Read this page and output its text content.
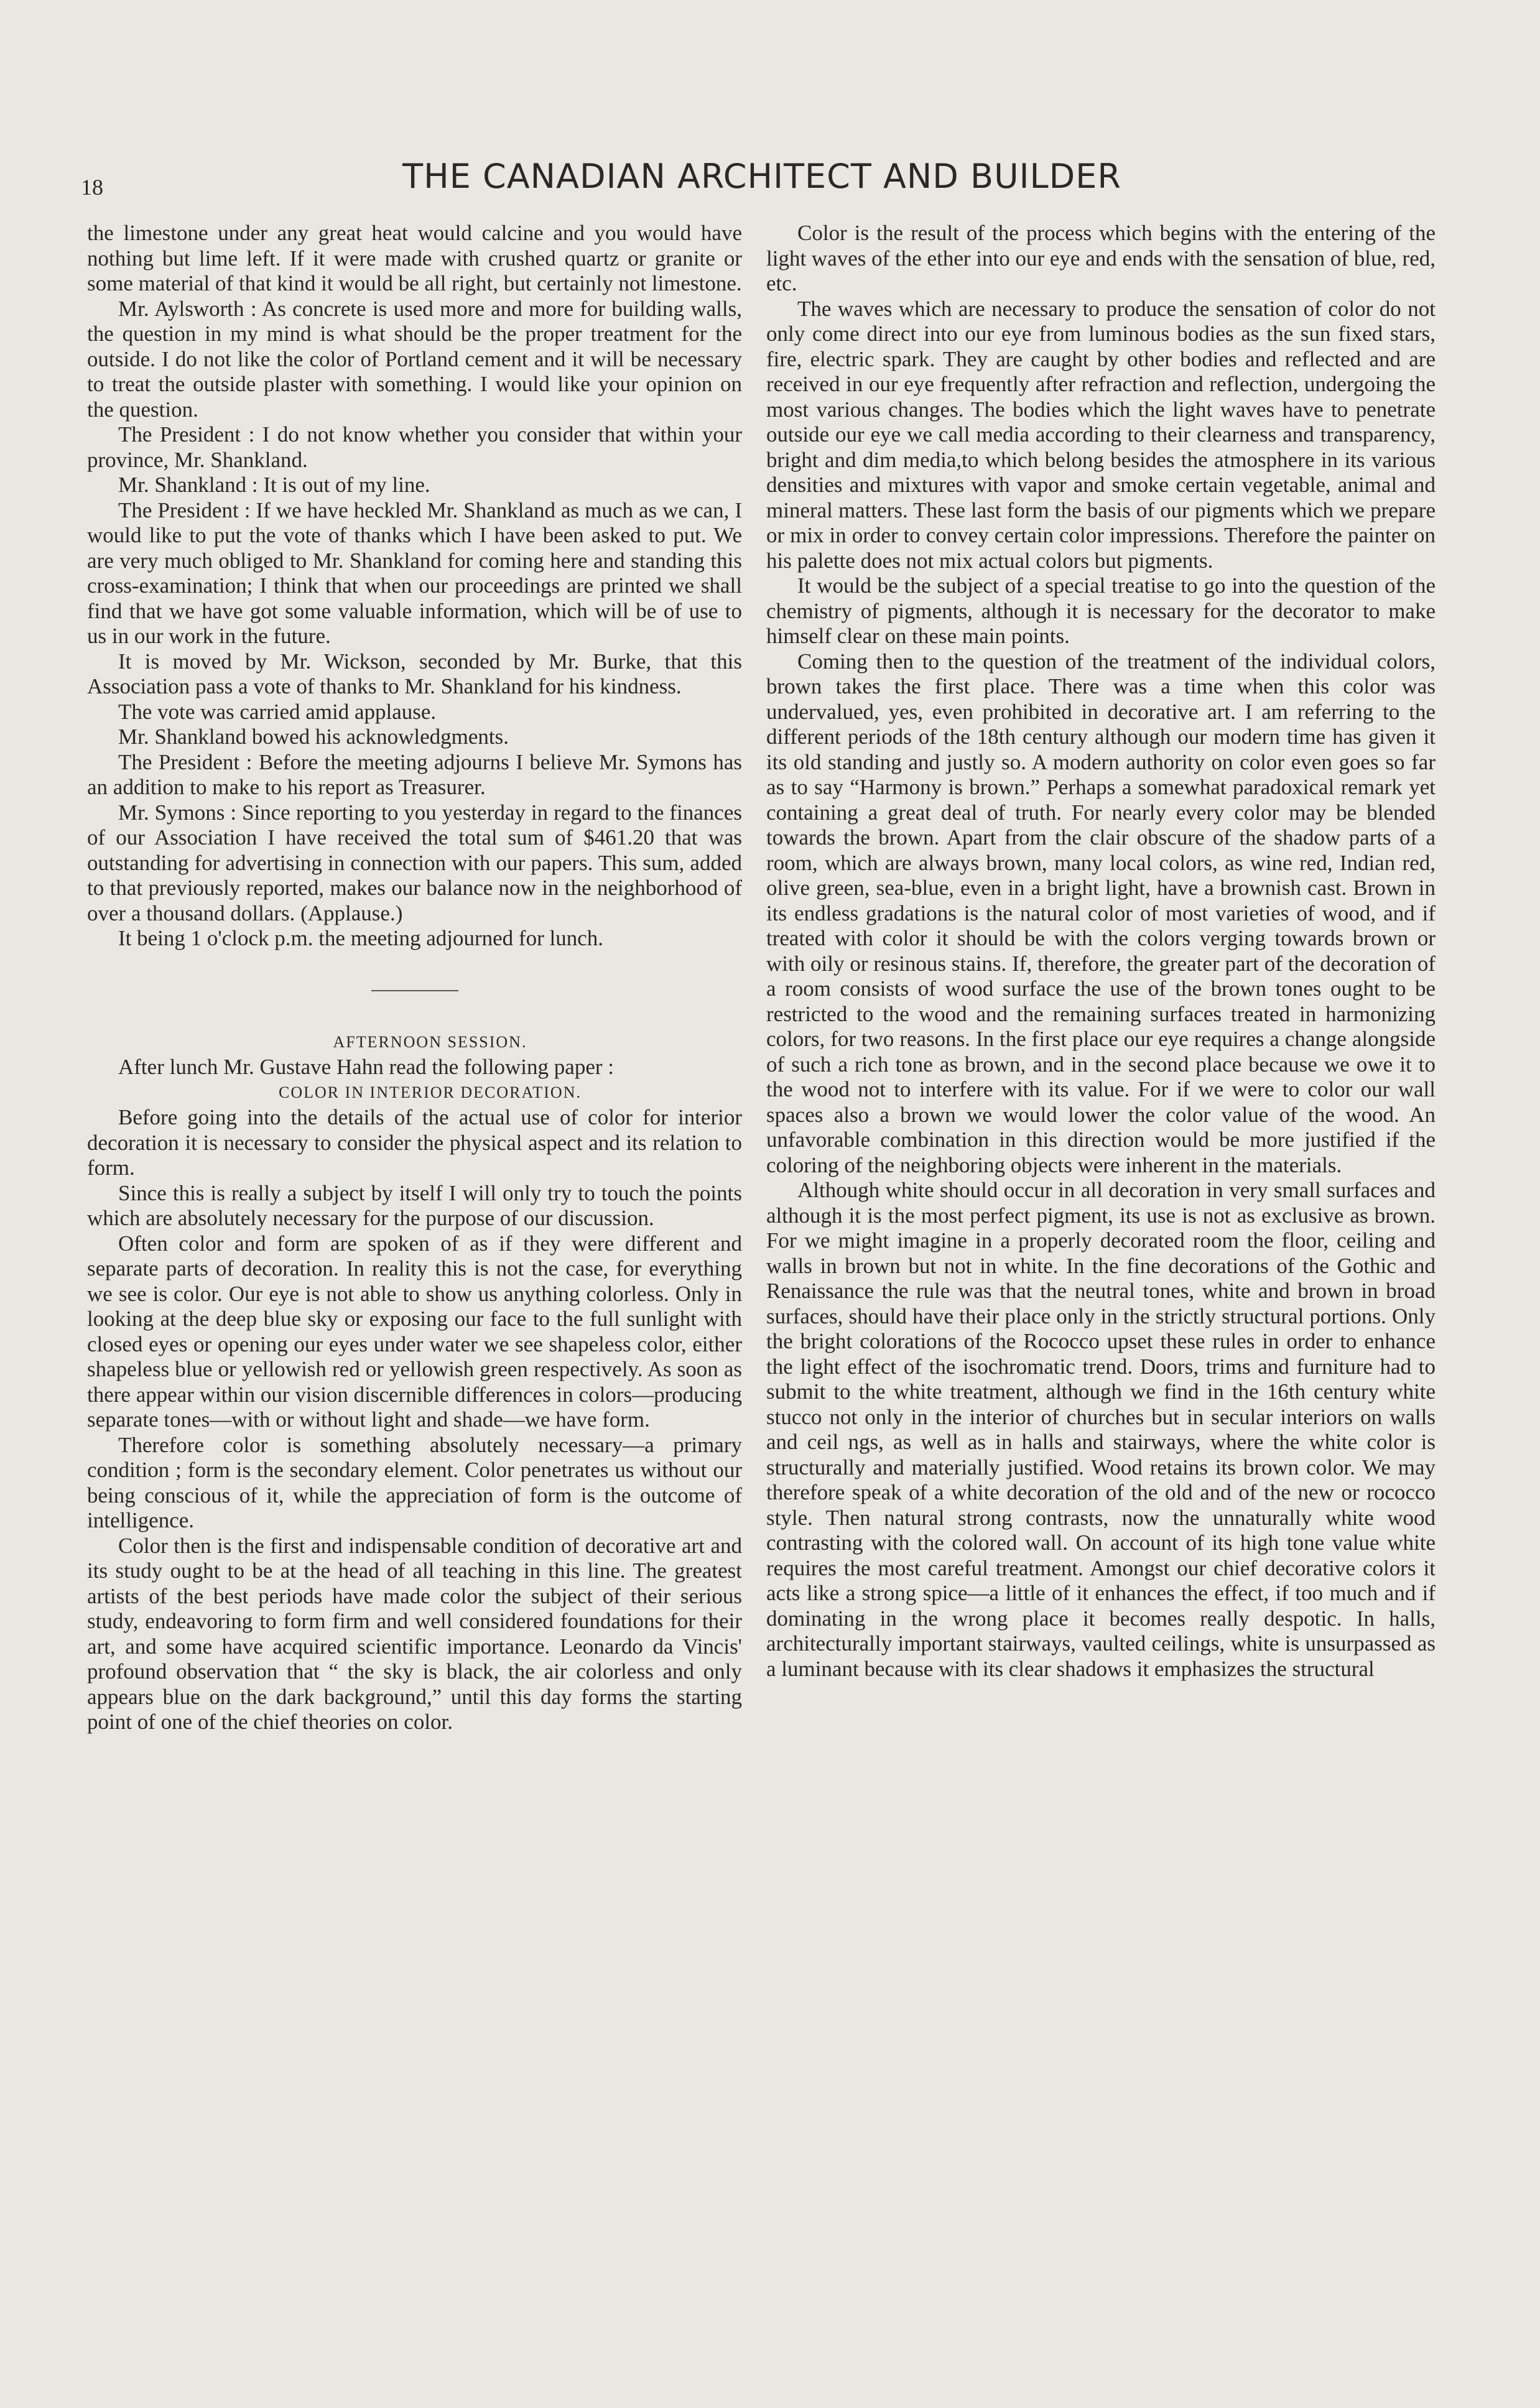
18	THE CANADIAN ARCHITECT AND BUILDER

the limestone under any great heat would calcine and you would have nothing but lime left. If it were made with crushed quartz or granite or some material of that kind it would be all right, but certainly not limestone.

Mr. Aylsworth : As concrete is used more and more for building walls, the question in my mind is what should be the proper treatment for the outside. I do not like the color of Portland cement and it will be necessary to treat the outside plaster with something. I would like your opinion on the question.

The President : I do not know whether you consider that within your province, Mr. Shankland.

Mr. Shankland : It is out of my line.

The President : If we have heckled Mr. Shankland as much as we can, I would like to put the vote of thanks which I have been asked to put. We are very much obliged to Mr. Shankland for coming here and standing this cross-examination; I think that when our proceedings are printed we shall find that we have got some valuable information, which will be of use to us in our work in the future.

It is moved by Mr. Wickson, seconded by Mr. Burke, that this Association pass a vote of thanks to Mr. Shankland for his kindness.

The vote was carried amid applause.

Mr. Shankland bowed his acknowledgments.

The President : Before the meeting adjourns I believe Mr. Symons has an addition to make to his report as Treasurer.

Mr. Symons : Since reporting to you yesterday in regard to the finances of our Association I have received the total sum of $461.20 that was outstanding for advertising in connection with our papers. This sum, added to that previously reported, makes our balance now in the neighborhood of over a thousand dollars. (Applause.)

It being 1 o'clock p.m. the meeting adjourned for lunch.

AFTERNOON SESSION.

After lunch Mr. Gustave Hahn read the following paper :

COLOR IN INTERIOR DECORATION.

Before going into the details of the actual use of color for interior decoration it is necessary to consider the physical aspect and its relation to form.

Since this is really a subject by itself I will only try to touch the points which are absolutely necessary for the purpose of our discussion.

Often color and form are spoken of as if they were different and separate parts of decoration. In reality this is not the case, for everything we see is color. Our eye is not able to show us anything colorless. Only in looking at the deep blue sky or exposing our face to the full sunlight with closed eyes or opening our eyes under water we see shapeless color, either shapeless blue or yellowish red or yellowish green respectively. As soon as there appear within our vision discernible differences in colors—producing separate tones—with or without light and shade—we have form.

Therefore color is something absolutely necessary—a primary condition ; form is the secondary element. Color penetrates us without our being conscious of it, while the appreciation of form is the outcome of intelligence.

Color then is the first and indispensable condition of decorative art and its study ought to be at the head of all teaching in this line. The greatest artists of the best periods have made color the subject of their serious study, endeavoring to form firm and well considered foundations for their art, and some have acquired scientific importance. Leonardo da Vincis' profound observation that “ the sky is black, the air colorless and only appears blue on the dark background,” until this day forms the starting point of one of the chief theories on color.

Color is the result of the process which begins with the entering of the light waves of the ether into our eye and ends with the sensation of blue, red, etc.

The waves which are necessary to produce the sensation of color do not only come direct into our eye from luminous bodies as the sun fixed stars, fire, electric spark. They are caught by other bodies and reflected and are received in our eye frequently after refraction and reflection, undergoing the most various changes. The bodies which the light waves have to penetrate outside our eye we call media according to their clearness and transparency, bright and dim media,to which belong besides the atmosphere in its various densities and mixtures with vapor and smoke certain vegetable, animal and mineral matters. These last form the basis of our pigments which we prepare or mix in order to convey certain color impressions. Therefore the painter on his palette does not mix actual colors but pigments.

It would be the subject of a special treatise to go into the question of the chemistry of pigments, although it is necessary for the decorator to make himself clear on these main points.

Coming then to the question of the treatment of the individual colors, brown takes the first place. There was a time when this color was undervalued, yes, even prohibited in decorative art. I am referring to the different periods of the 18th century although our modern time has given it its old standing and justly so. A modern authority on color even goes so far as to say “Harmony is brown.” Perhaps a somewhat paradoxical remark yet containing a great deal of truth. For nearly every color may be blended towards the brown. Apart from the clair obscure of the shadow parts of a room, which are always brown, many local colors, as wine red, Indian red, olive green, sea-blue, even in a bright light, have a brownish cast. Brown in its endless gradations is the natural color of most varieties of wood, and if treated with color it should be with the colors verging towards brown or with oily or resinous stains. If, therefore, the greater part of the decoration of a room consists of wood surface the use of the brown tones ought to be restricted to the wood and the remaining surfaces treated in harmonizing colors, for two reasons. In the first place our eye requires a change alongside of such a rich tone as brown, and in the second place because we owe it to the wood not to interfere with its value. For if we were to color our wall spaces also a brown we would lower the color value of the wood. An unfavorable combination in this direction would be more justified if the coloring of the neighboring objects were inherent in the materials.

Although white should occur in all decoration in very small surfaces and although it is the most perfect pigment, its use is not as exclusive as brown. For we might imagine in a properly decorated room the floor, ceiling and walls in brown but not in white. In the fine decorations of the Gothic and Renaissance the rule was that the neutral tones, white and brown in broad surfaces, should have their place only in the strictly structural portions. Only the bright colorations of the Rococco upset these rules in order to enhance the light effect of the isochromatic trend. Doors, trims and furniture had to submit to the white treatment, although we find in the 16th century white stucco not only in the interior of churches but in secular interiors on walls and ceil ngs, as well as in halls and stairways, where the white color is structurally and materially justified. Wood retains its brown color. We may therefore speak of a white decoration of the old and of the new or rococco style. Then natural strong contrasts, now the unnaturally white wood contrasting with the colored wall. On account of its high tone value white requires the most careful treatment. Amongst our chief decorative colors it acts like a strong spice—a little of it enhances the effect, if too much and if dominating in the wrong place it becomes really despotic. In halls, architecturally important stairways, vaulted ceilings, white is unsurpassed as a luminant because with its clear shadows it emphasizes the structural
